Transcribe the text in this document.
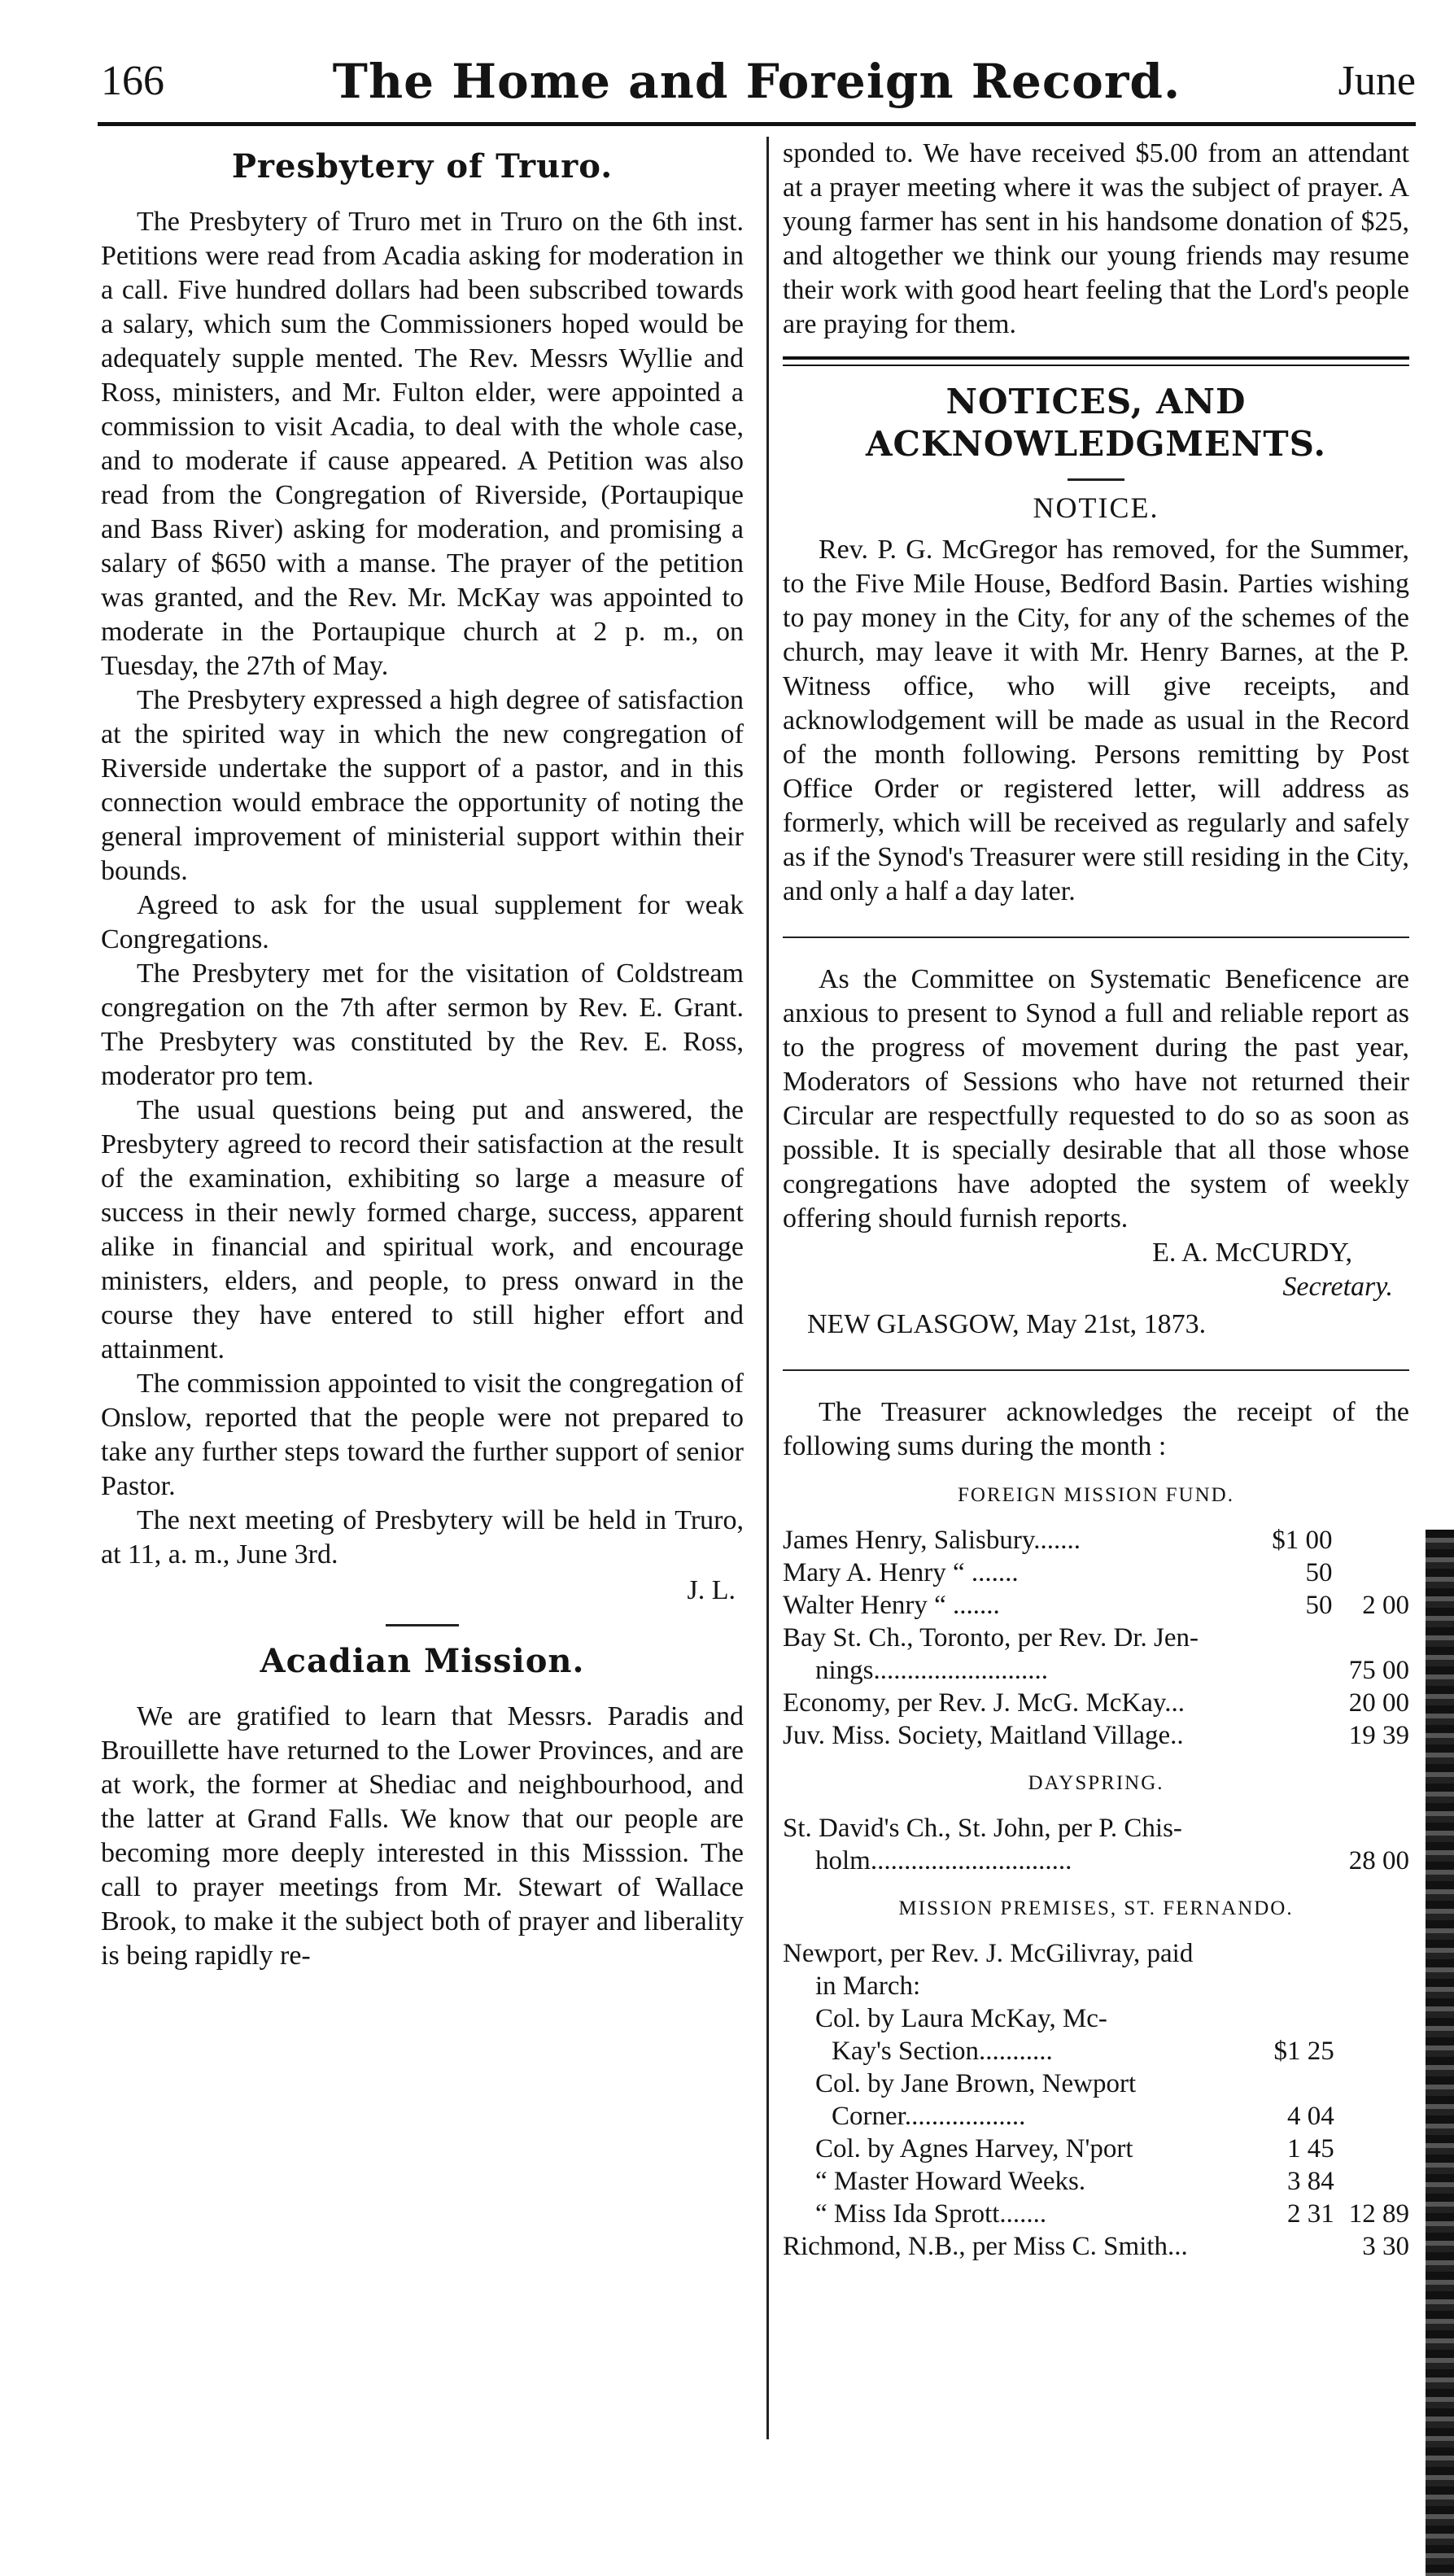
166	The Home and Foreign Record.	June
Presbytery of Truro.

The Presbytery of Truro met in Truro on the 6th inst. Petitions were read from Acadia asking for moderation in a call. Five hundred dollars had been subscribed towards a salary, which sum the Commissioners hoped would be adequately supple mented. The Rev. Messrs Wyllie and Ross, ministers, and Mr. Fulton elder, were appointed a commission to visit Acadia, to deal with the whole case, and to moderate if cause appeared. A Petition was also read from the Congregation of Riverside, (Portaupique and Bass River) asking for moderation, and promising a salary of $650 with a manse. The prayer of the petition was granted, and the Rev. Mr. McKay was appointed to moderate in the Portaupique church at 2 p. m., on Tuesday, the 27th of May.

The Presbytery expressed a high degree of satisfaction at the spirited way in which the new congregation of Riverside undertake the support of a pastor, and in this connection would embrace the opportunity of noting the general improvement of ministerial support within their bounds.

Agreed to ask for the usual supplement for weak Congregations.

The Presbytery met for the visitation of Coldstream congregation on the 7th after sermon by Rev. E. Grant. The Presbytery was constituted by the Rev. E. Ross, moderator pro tem.

The usual questions being put and answered, the Presbytery agreed to record their satisfaction at the result of the examination, exhibiting so large a measure of success in their newly formed charge, success, apparent alike in financial and spiritual work, and encourage ministers, elders, and people, to press onward in the course they have entered to still higher effort and attainment.

The commission appointed to visit the congregation of Onslow, reported that the people were not prepared to take any further steps toward the further support of senior Pastor.

The next meeting of Presbytery will be held in Truro, at 11, a. m., June 3rd.

J. L.
Acadian Mission.

We are gratified to learn that Messrs. Paradis and Brouillette have returned to the Lower Provinces, and are at work, the former at Shediac and neighbourhood, and the latter at Grand Falls. We know that our people are becoming more deeply interested in this Misssion. The call to prayer meetings from Mr. Stewart of Wallace Brook, to make it the subject both of prayer and liberality is being rapidly re-

sponded to. We have received $5.00 from an attendant at a prayer meeting where it was the subject of prayer. A young farmer has sent in his handsome donation of $25, and altogether we think our young friends may resume their work with good heart feeling that the Lord's people are praying for them.

NOTICES, AND ACKNOWLEDGMENTS.
NOTICE.

Rev. P. G. McGregor has removed, for the Summer, to the Five Mile House, Bedford Basin. Parties wishing to pay money in the City, for any of the schemes of the church, may leave it with Mr. Henry Barnes, at the P. Witness office, who will give receipts, and acknowlodgement will be made as usual in the Record of the month following. Persons remitting by Post Office Order or registered letter, will address as formerly, which will be received as regularly and safely as if the Synod's Treasurer were still residing in the City, and only a half a day later.

As the Committee on Systematic Beneficence are anxious to present to Synod a full and reliable report as to the progress of movement during the past year, Moderators of Sessions who have not returned their Circular are respectfully requested to do so as soon as possible. It is specially desirable that all those whose congregations have adopted the system of weekly offering should furnish reports.

E. A. McCURDY,
Secretary.
NEW GLASGOW, May 21st, 1873.

The Treasurer acknowledges the receipt of the following sums during the month :

FOREIGN MISSION FUND.
James Henry, Salisbury.......	$1 00	
Mary A. Henry “ .......	50	
Walter Henry “ .......	50	2 00
Bay St. Ch., Toronto, per Rev. Dr. Jen-		
nings..........................		75 00
Economy, per Rev. J. McG. McKay...		20 00
Juv. Miss. Society, Maitland Village..		19 39
DAYSPRING.
St. David's Ch., St. John, per P. Chis-		
holm..............................		28 00
MISSION PREMISES, ST. FERNANDO.
Newport, per Rev. J. McGilivray, paid		
in March:		
Col. by Laura McKay, Mc-		
Kay's Section...........	$1 25	
Col. by Jane Brown, Newport		
Corner..................	4 04	
Col. by Agnes Harvey, N'port	1 45	
“ Master Howard Weeks.	3 84	
“ Miss Ida Sprott.......	2 31	12 89
Richmond, N.B., per Miss C. Smith...		3 30
